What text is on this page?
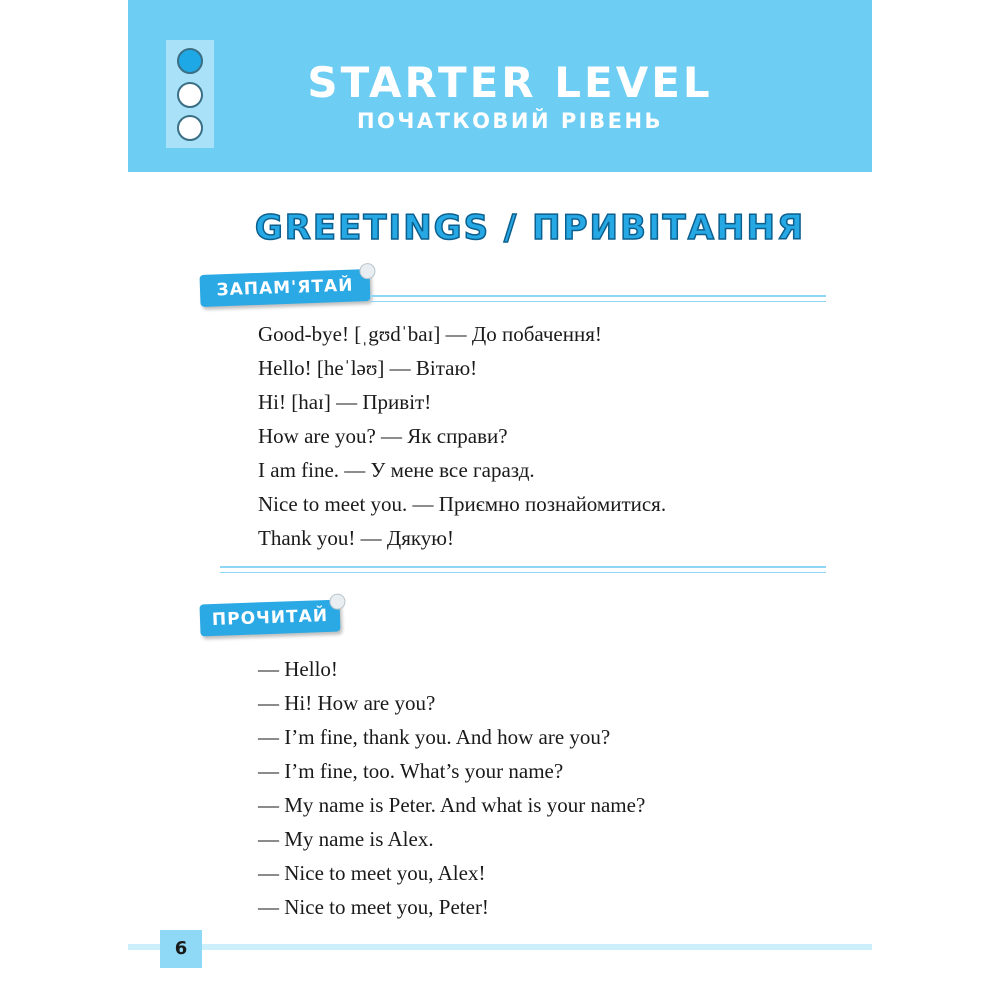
STARTER LEVEL
ПОЧАТКОВИЙ РІВЕНЬ
GREETINGS / ПРИВІТАННЯ
ЗАПАМ'ЯТАЙ
Good-bye! [ˌgʊdˈbaɪ] — До побачення!
Hello! [heˈləʊ] — Вітаю!
Hi! [haɪ] — Привіт!
How are you? — Як справи?
I am fine. — У мене все гаразд.
Nice to meet you. — Приємно познайомитися.
Thank you! — Дякую!
ПРОЧИТАЙ
— Hello!
— Hi! How are you?
— I’m fine, thank you. And how are you?
— I’m fine, too. What’s your name?
— My name is Peter. And what is your name?
— My name is Alex.
— Nice to meet you, Alex!
— Nice to meet you, Peter!
6
